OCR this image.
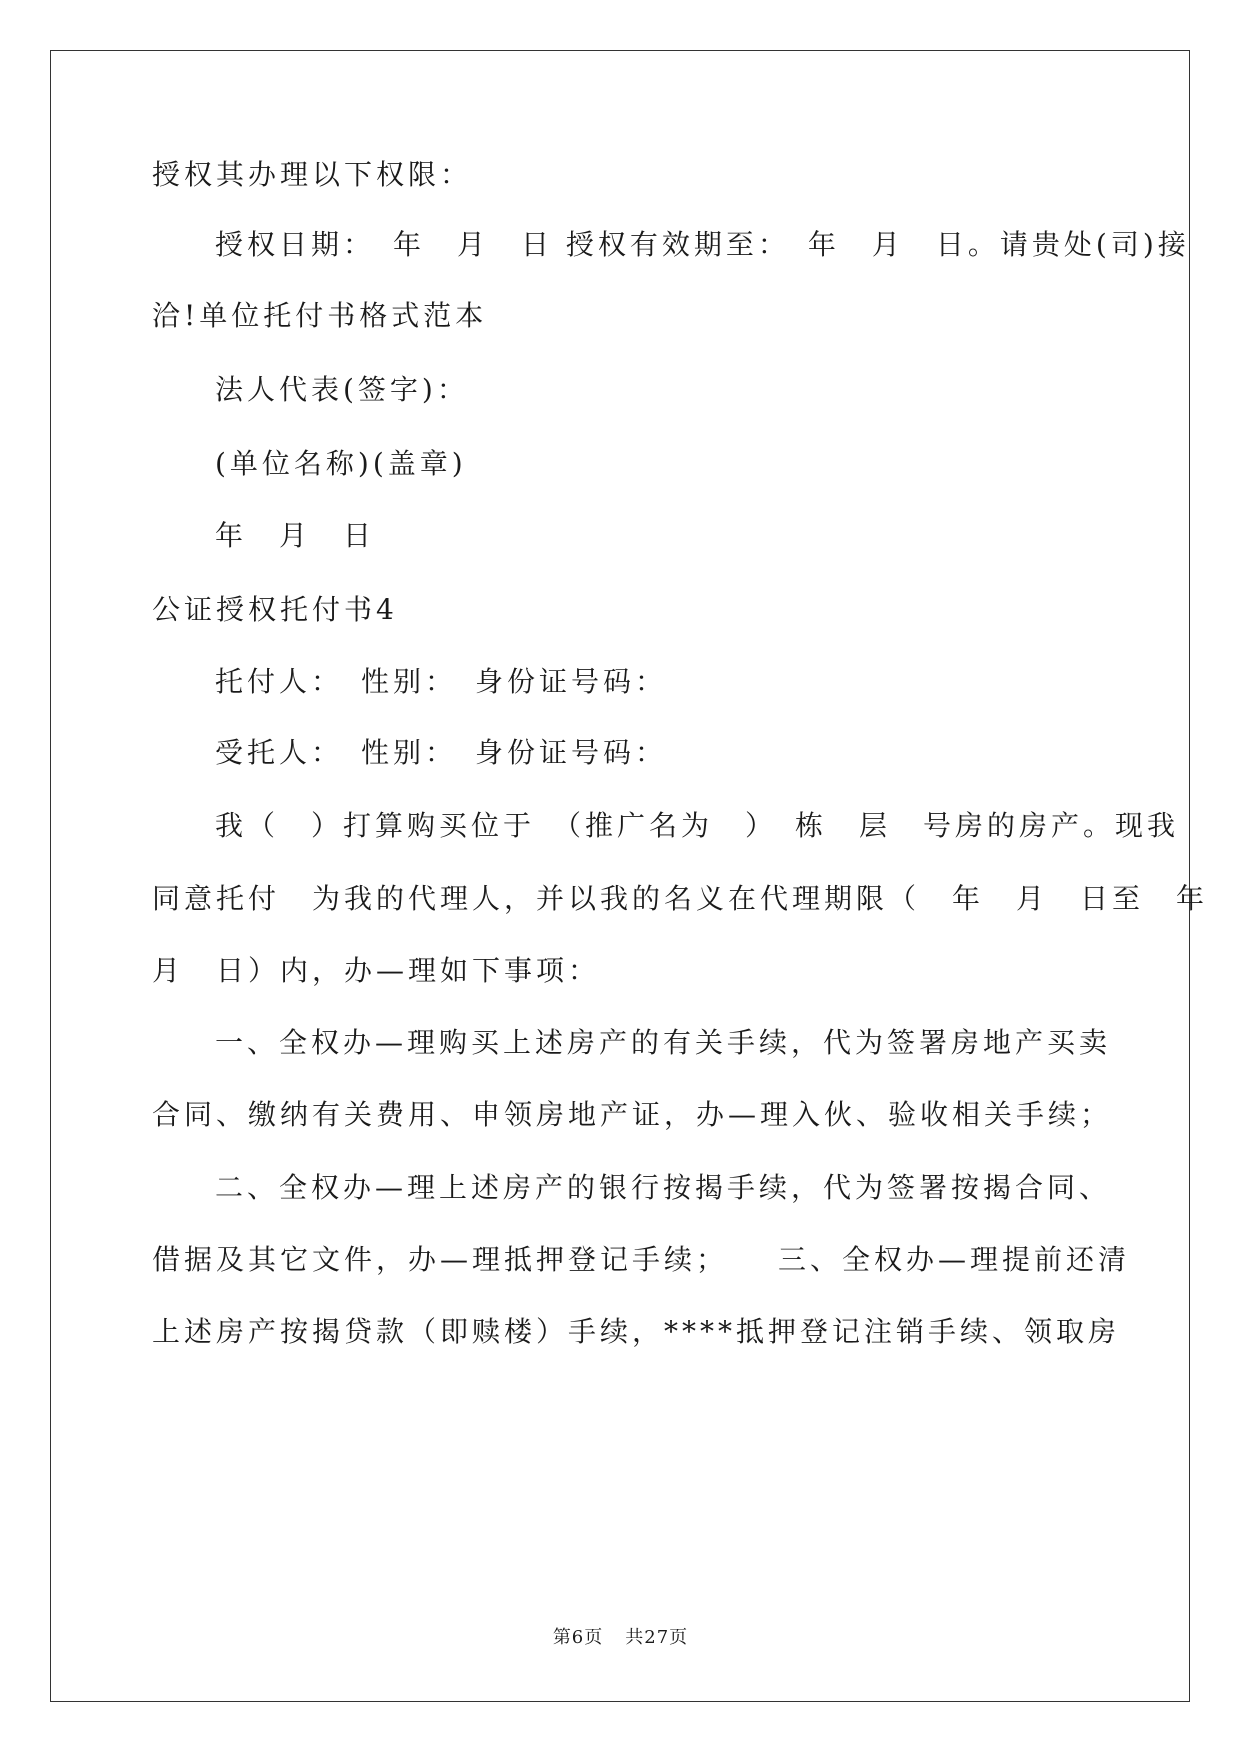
授权其办理以下权限：
授权日期：　年　月　日 授权有效期至：　年　月　日。请贵处(司)接
洽!单位托付书格式范本
法人代表(签字)：
(单位名称)(盖章)
年　月　日
公证授权托付书4
托付人：　性别：　身份证号码：
受托人：　性别：　身份证号码：
我（　）打算购买位于　（推广名为　）　栋　层　号房的房产。现我
同意托付　为我的代理人，并以我的名义在代理期限（　年　月　日至　年
月　日）内，办—理如下事项：
一、全权办—理购买上述房产的有关手续，代为签署房地产买卖
合同、缴纳有关费用、申领房地产证，办—理入伙、验收相关手续；
二、全权办—理上述房产的银行按揭手续，代为签署按揭合同、
借据及其它文件，办—理抵押登记手续；　　三、全权办—理提前还清
上述房产按揭贷款（即赎楼）手续，****抵押登记注销手续、领取房
第6页 共27页
